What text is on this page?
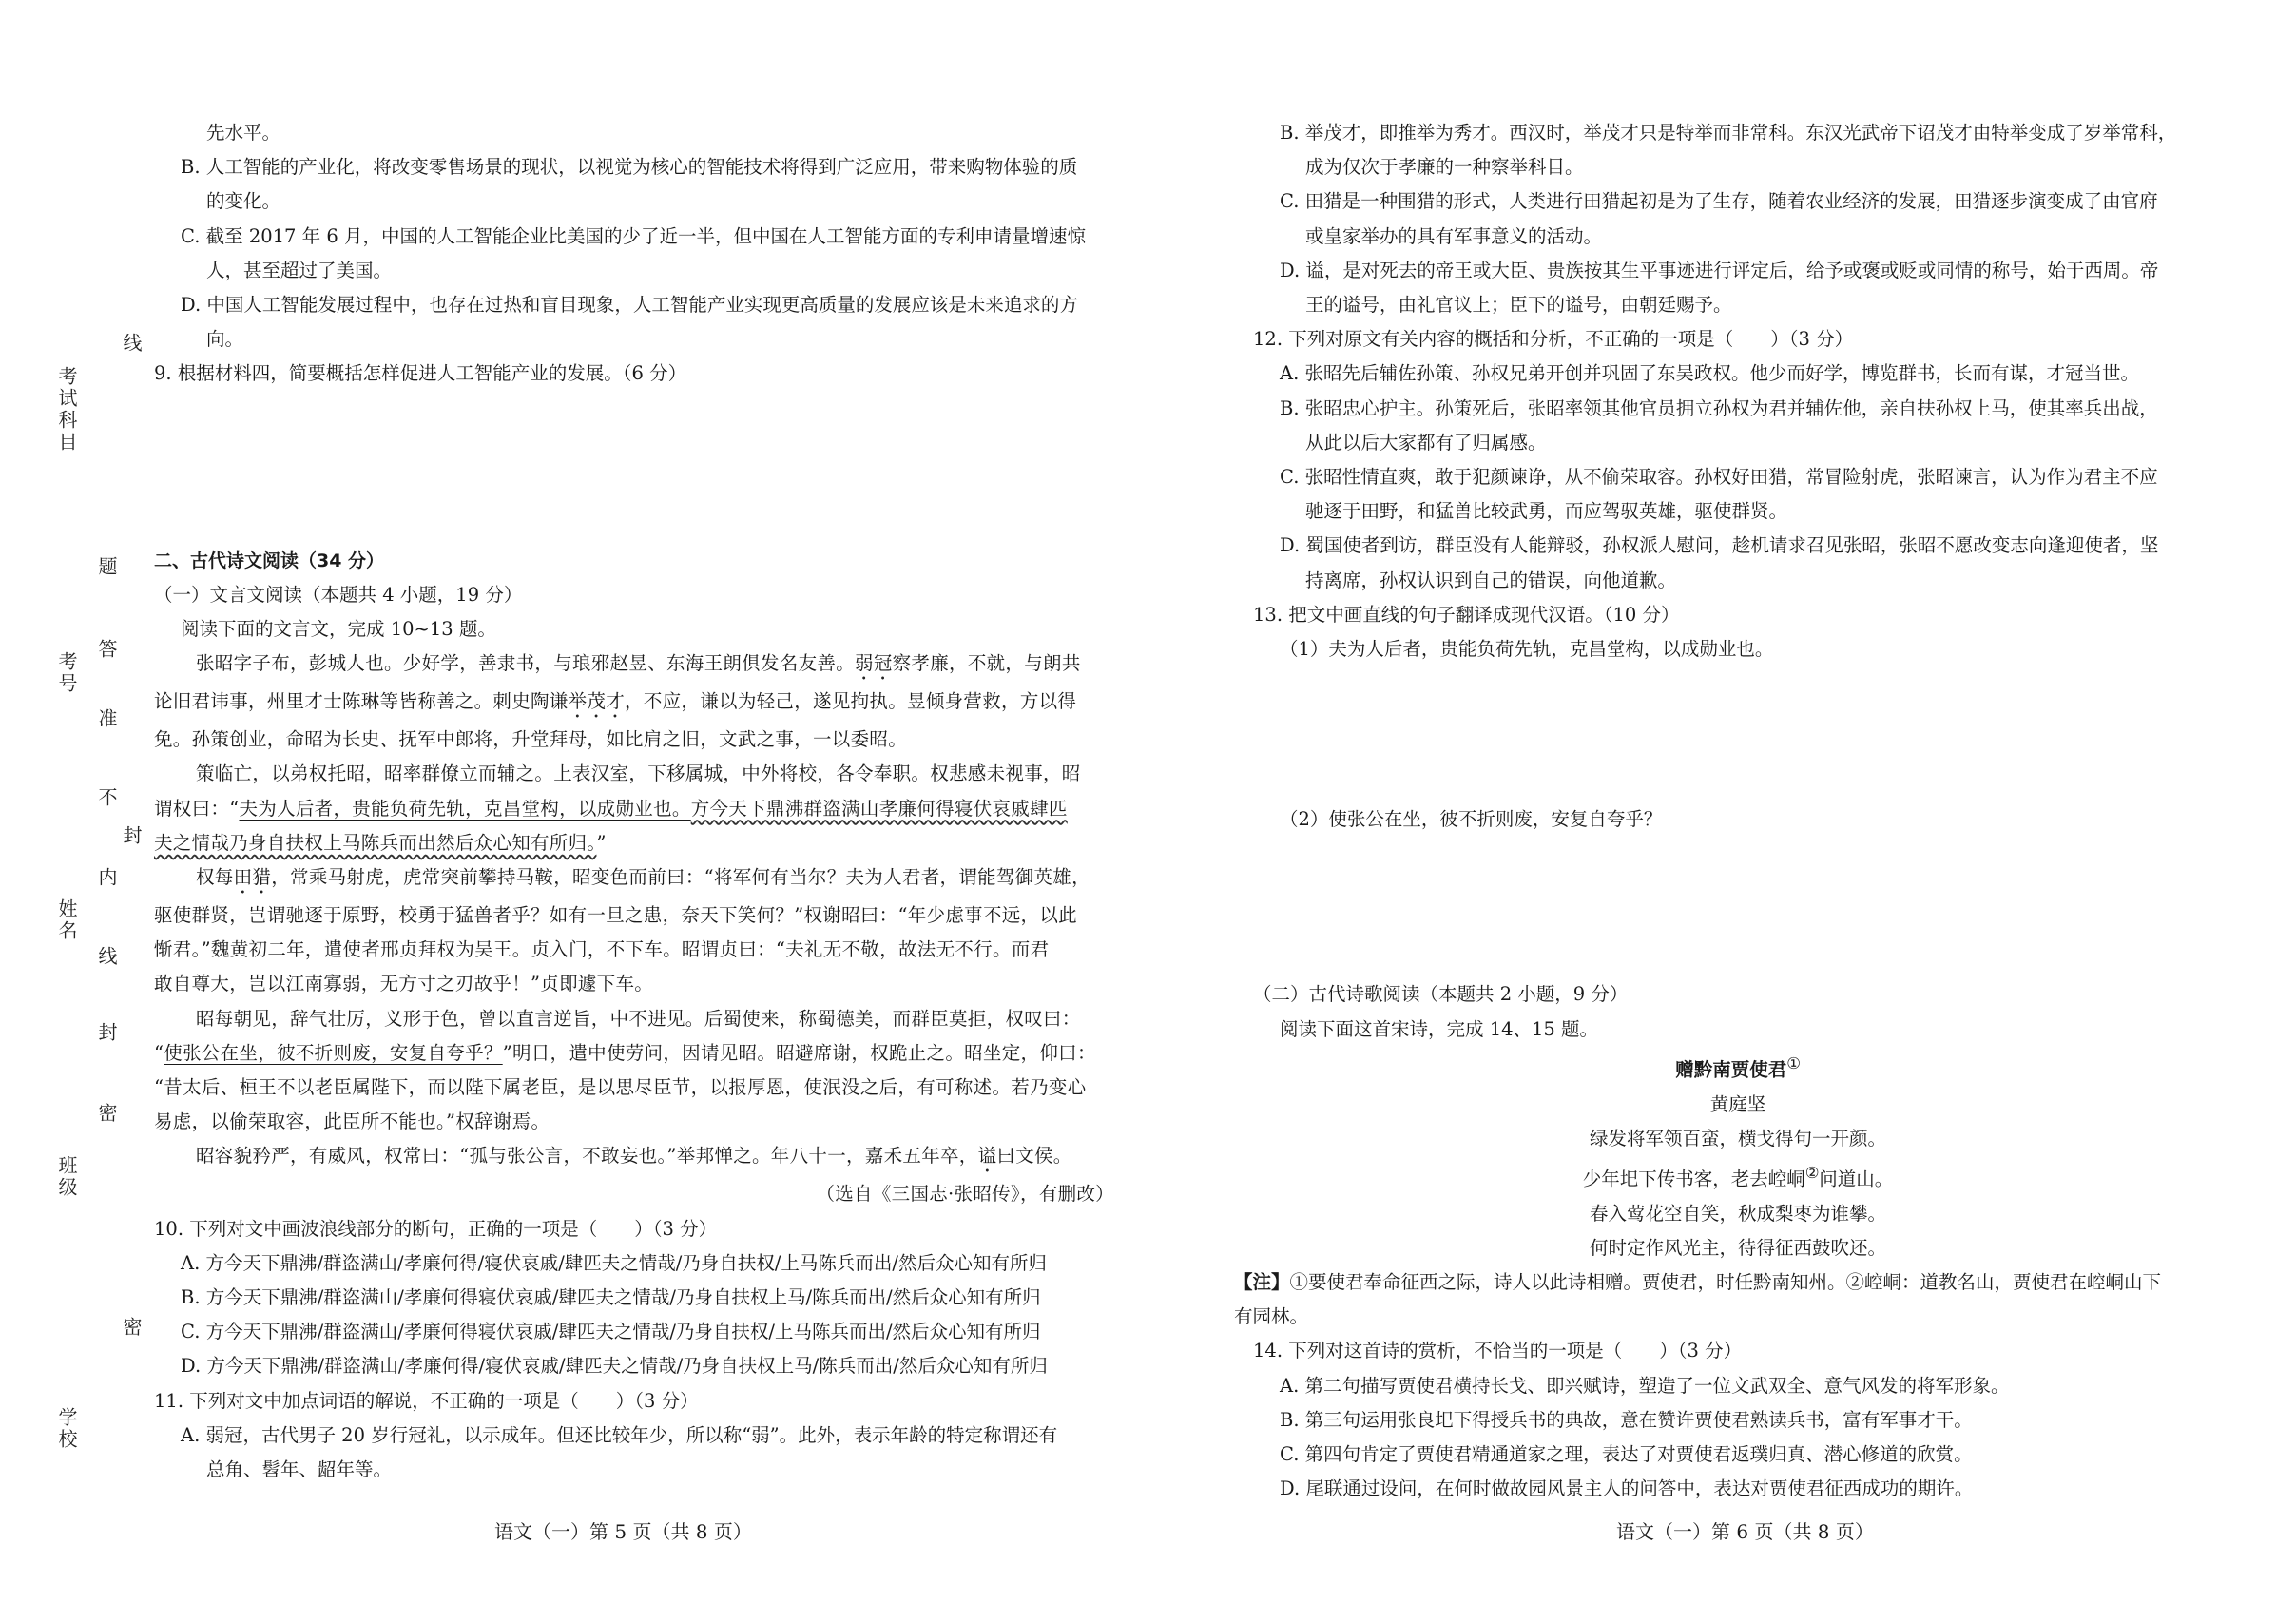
线
考试科目
题
答
考号
准
不
封
内
姓名
线
封
密
班级
密
学校
先水平。
B. 人工智能的产业化，将改变零售场景的现状，以视觉为核心的智能技术将得到广泛应用，带来购物体验的质
的变化。
C. 截至 2017 年 6 月，中国的人工智能企业比美国的少了近一半，但中国在人工智能方面的专利申请量增速惊
人，甚至超过了美国。
D. 中国人工智能发展过程中，也存在过热和盲目现象，人工智能产业实现更高质量的发展应该是未来追求的方
向。
9. 根据材料四，简要概括怎样促进人工智能产业的发展。（6 分）
二、古代诗文阅读（34 分）
（一）文言文阅读（本题共 4 小题，19 分）
阅读下面的文言文，完成 10~13 题。
张昭字子布，彭城人也。少好学，善隶书，与琅邪赵昱、东海王朗俱发名友善。弱冠察孝廉，不就，与朗共
论旧君讳事，州里才士陈琳等皆称善之。刺史陶谦举茂才，不应，谦以为轻己，遂见拘执。昱倾身营救，方以得
免。孙策创业，命昭为长史、抚军中郎将，升堂拜母，如比肩之旧，文武之事，一以委昭。
策临亡，以弟权托昭，昭率群僚立而辅之。上表汉室，下移属城，中外将校，各令奉职。权悲感未视事，昭
谓权曰：“夫为人后者，贵能负荷先轨，克昌堂构，以成勋业也。方今天下鼎沸群盗满山孝廉何得寝伏哀戚肆匹
夫之情哉乃身自扶权上马陈兵而出然后众心知有所归。”
权每田猎，常乘马射虎，虎常突前攀持马鞍，昭变色而前曰：“将军何有当尔？夫为人君者，谓能驾御英雄，
驱使群贤，岂谓驰逐于原野，校勇于猛兽者乎？如有一旦之患，奈天下笑何？”权谢昭曰：“年少虑事不远，以此
惭君。”魏黄初二年，遣使者邢贞拜权为吴王。贞入门，不下车。昭谓贞曰：“夫礼无不敬，故法无不行。而君
敢自尊大，岂以江南寡弱，无方寸之刃故乎！”贞即遽下车。
昭每朝见，辞气壮厉，义形于色，曾以直言逆旨，中不进见。后蜀使来，称蜀德美，而群臣莫拒，权叹曰：
“使张公在坐，彼不折则废，安复自夸乎？”明日，遣中使劳问，因请见昭。昭避席谢，权跪止之。昭坐定，仰曰：
“昔太后、桓王不以老臣属陛下，而以陛下属老臣，是以思尽臣节，以报厚恩，使泯没之后，有可称述。若乃变心
易虑，以偷荣取容，此臣所不能也。”权辞谢焉。
昭容貌矜严，有威风，权常曰：“孤与张公言，不敢妄也。”举邦惮之。年八十一，嘉禾五年卒，谥曰文侯。
（选自《三国志·张昭传》，有删改）
10. 下列对文中画波浪线部分的断句，正确的一项是（　　）（3 分）
A. 方今天下鼎沸/群盗满山/孝廉何得/寝伏哀戚/肆匹夫之情哉/乃身自扶权/上马陈兵而出/然后众心知有所归
B. 方今天下鼎沸/群盗满山/孝廉何得寝伏哀戚/肆匹夫之情哉/乃身自扶权上马/陈兵而出/然后众心知有所归
C. 方今天下鼎沸/群盗满山/孝廉何得寝伏哀戚/肆匹夫之情哉/乃身自扶权/上马陈兵而出/然后众心知有所归
D. 方今天下鼎沸/群盗满山/孝廉何得/寝伏哀戚/肆匹夫之情哉/乃身自扶权上马/陈兵而出/然后众心知有所归
11. 下列对文中加点词语的解说，不正确的一项是（　　）（3 分）
A. 弱冠，古代男子 20 岁行冠礼，以示成年。但还比较年少，所以称“弱”。此外，表示年龄的特定称谓还有
总角、髫年、龆年等。
语文（一）第 5 页（共 8 页）
B. 举茂才，即推举为秀才。西汉时，举茂才只是特举而非常科。东汉光武帝下诏茂才由特举变成了岁举常科，
成为仅次于孝廉的一种察举科目。
C. 田猎是一种围猎的形式，人类进行田猎起初是为了生存，随着农业经济的发展，田猎逐步演变成了由官府
或皇家举办的具有军事意义的活动。
D. 谥，是对死去的帝王或大臣、贵族按其生平事迹进行评定后，给予或褒或贬或同情的称号，始于西周。帝
王的谥号，由礼官议上；臣下的谥号，由朝廷赐予。
12. 下列对原文有关内容的概括和分析，不正确的一项是（　　）（3 分）
A. 张昭先后辅佐孙策、孙权兄弟开创并巩固了东吴政权。他少而好学，博览群书，长而有谋，才冠当世。
B. 张昭忠心护主。孙策死后，张昭率领其他官员拥立孙权为君并辅佐他，亲自扶孙权上马，使其率兵出战，
从此以后大家都有了归属感。
C. 张昭性情直爽，敢于犯颜谏诤，从不偷荣取容。孙权好田猎，常冒险射虎，张昭谏言，认为作为君主不应
驰逐于田野，和猛兽比较武勇，而应驾驭英雄，驱使群贤。
D. 蜀国使者到访，群臣没有人能辩驳，孙权派人慰问，趁机请求召见张昭，张昭不愿改变志向逢迎使者，坚
持离席，孙权认识到自己的错误，向他道歉。
13. 把文中画直线的句子翻译成现代汉语。（10 分）
（1）夫为人后者，贵能负荷先轨，克昌堂构，以成勋业也。
（2）使张公在坐，彼不折则废，安复自夸乎？
（二）古代诗歌阅读（本题共 2 小题，9 分）
阅读下面这首宋诗，完成 14、15 题。
赠黔南贾使君①
黄庭坚
绿发将军领百蛮，横戈得句一开颜。
少年圯下传书客，老去崆峒②问道山。
春入莺花空自笑，秋成梨枣为谁攀。
何时定作风光主，待得征西鼓吹还。
【注】①要使君奉命征西之际，诗人以此诗相赠。贾使君，时任黔南知州。②崆峒：道教名山，贾使君在崆峒山下
有园林。
14. 下列对这首诗的赏析，不恰当的一项是（　　）（3 分）
A. 第二句描写贾使君横持长戈、即兴赋诗，塑造了一位文武双全、意气风发的将军形象。
B. 第三句运用张良圯下得授兵书的典故，意在赞许贾使君熟读兵书，富有军事才干。
C. 第四句肯定了贾使君精通道家之理，表达了对贾使君返璞归真、潜心修道的欣赏。
D. 尾联通过设问，在何时做故园风景主人的问答中，表达对贾使君征西成功的期许。
语文（一）第 6 页（共 8 页）
